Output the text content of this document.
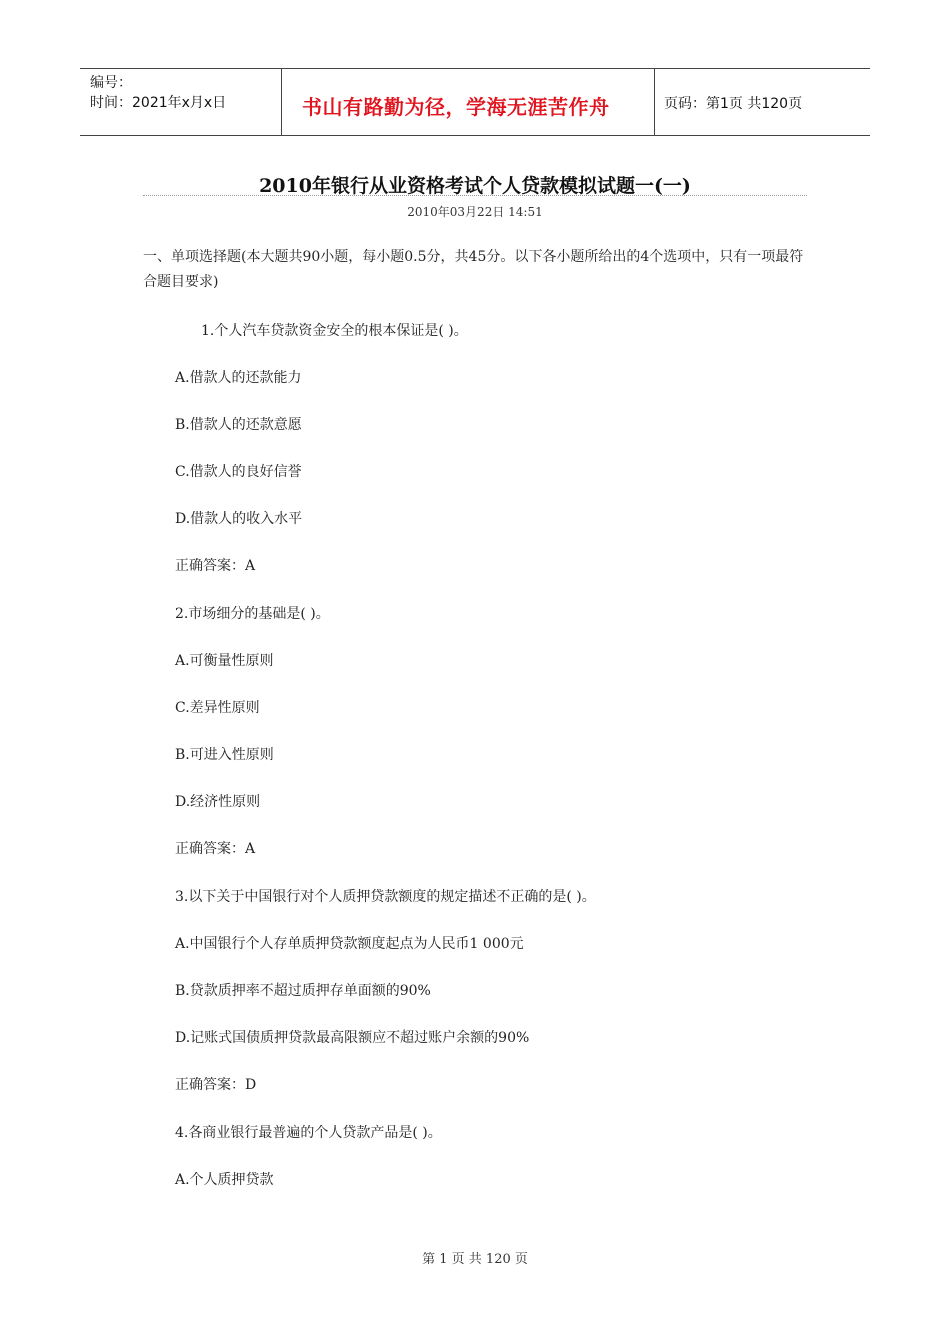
编号：
时间：2021年x月x日	书山有路勤为径，学海无涯苦作舟	页码：第1页 共120页
2010年银行从业资格考试个人贷款模拟试题一(一)
2010年03月22日 14:51
一、单项选择题(本大题共90小题，每小题0.5分，共45分。以下各小题所给出的4个选项中，只有一项最符合题目要求)
1.个人汽车贷款资金安全的根本保证是( )。
A.借款人的还款能力
B.借款人的还款意愿
C.借款人的良好信誉
D.借款人的收入水平
正确答案：A
2.市场细分的基础是( )。
A.可衡量性原则
C.差异性原则
B.可进入性原则
D.经济性原则
正确答案：A
3.以下关于中国银行对个人质押贷款额度的规定描述不正确的是( )。
A.中国银行个人存单质押贷款额度起点为人民币1 000元
B.贷款质押率不超过质押存单面额的90%
D.记账式国债质押贷款最高限额应不超过账户余额的90%
正确答案：D
4.各商业银行最普遍的个人贷款产品是( )。
A.个人质押贷款
第 1 页 共 120 页
